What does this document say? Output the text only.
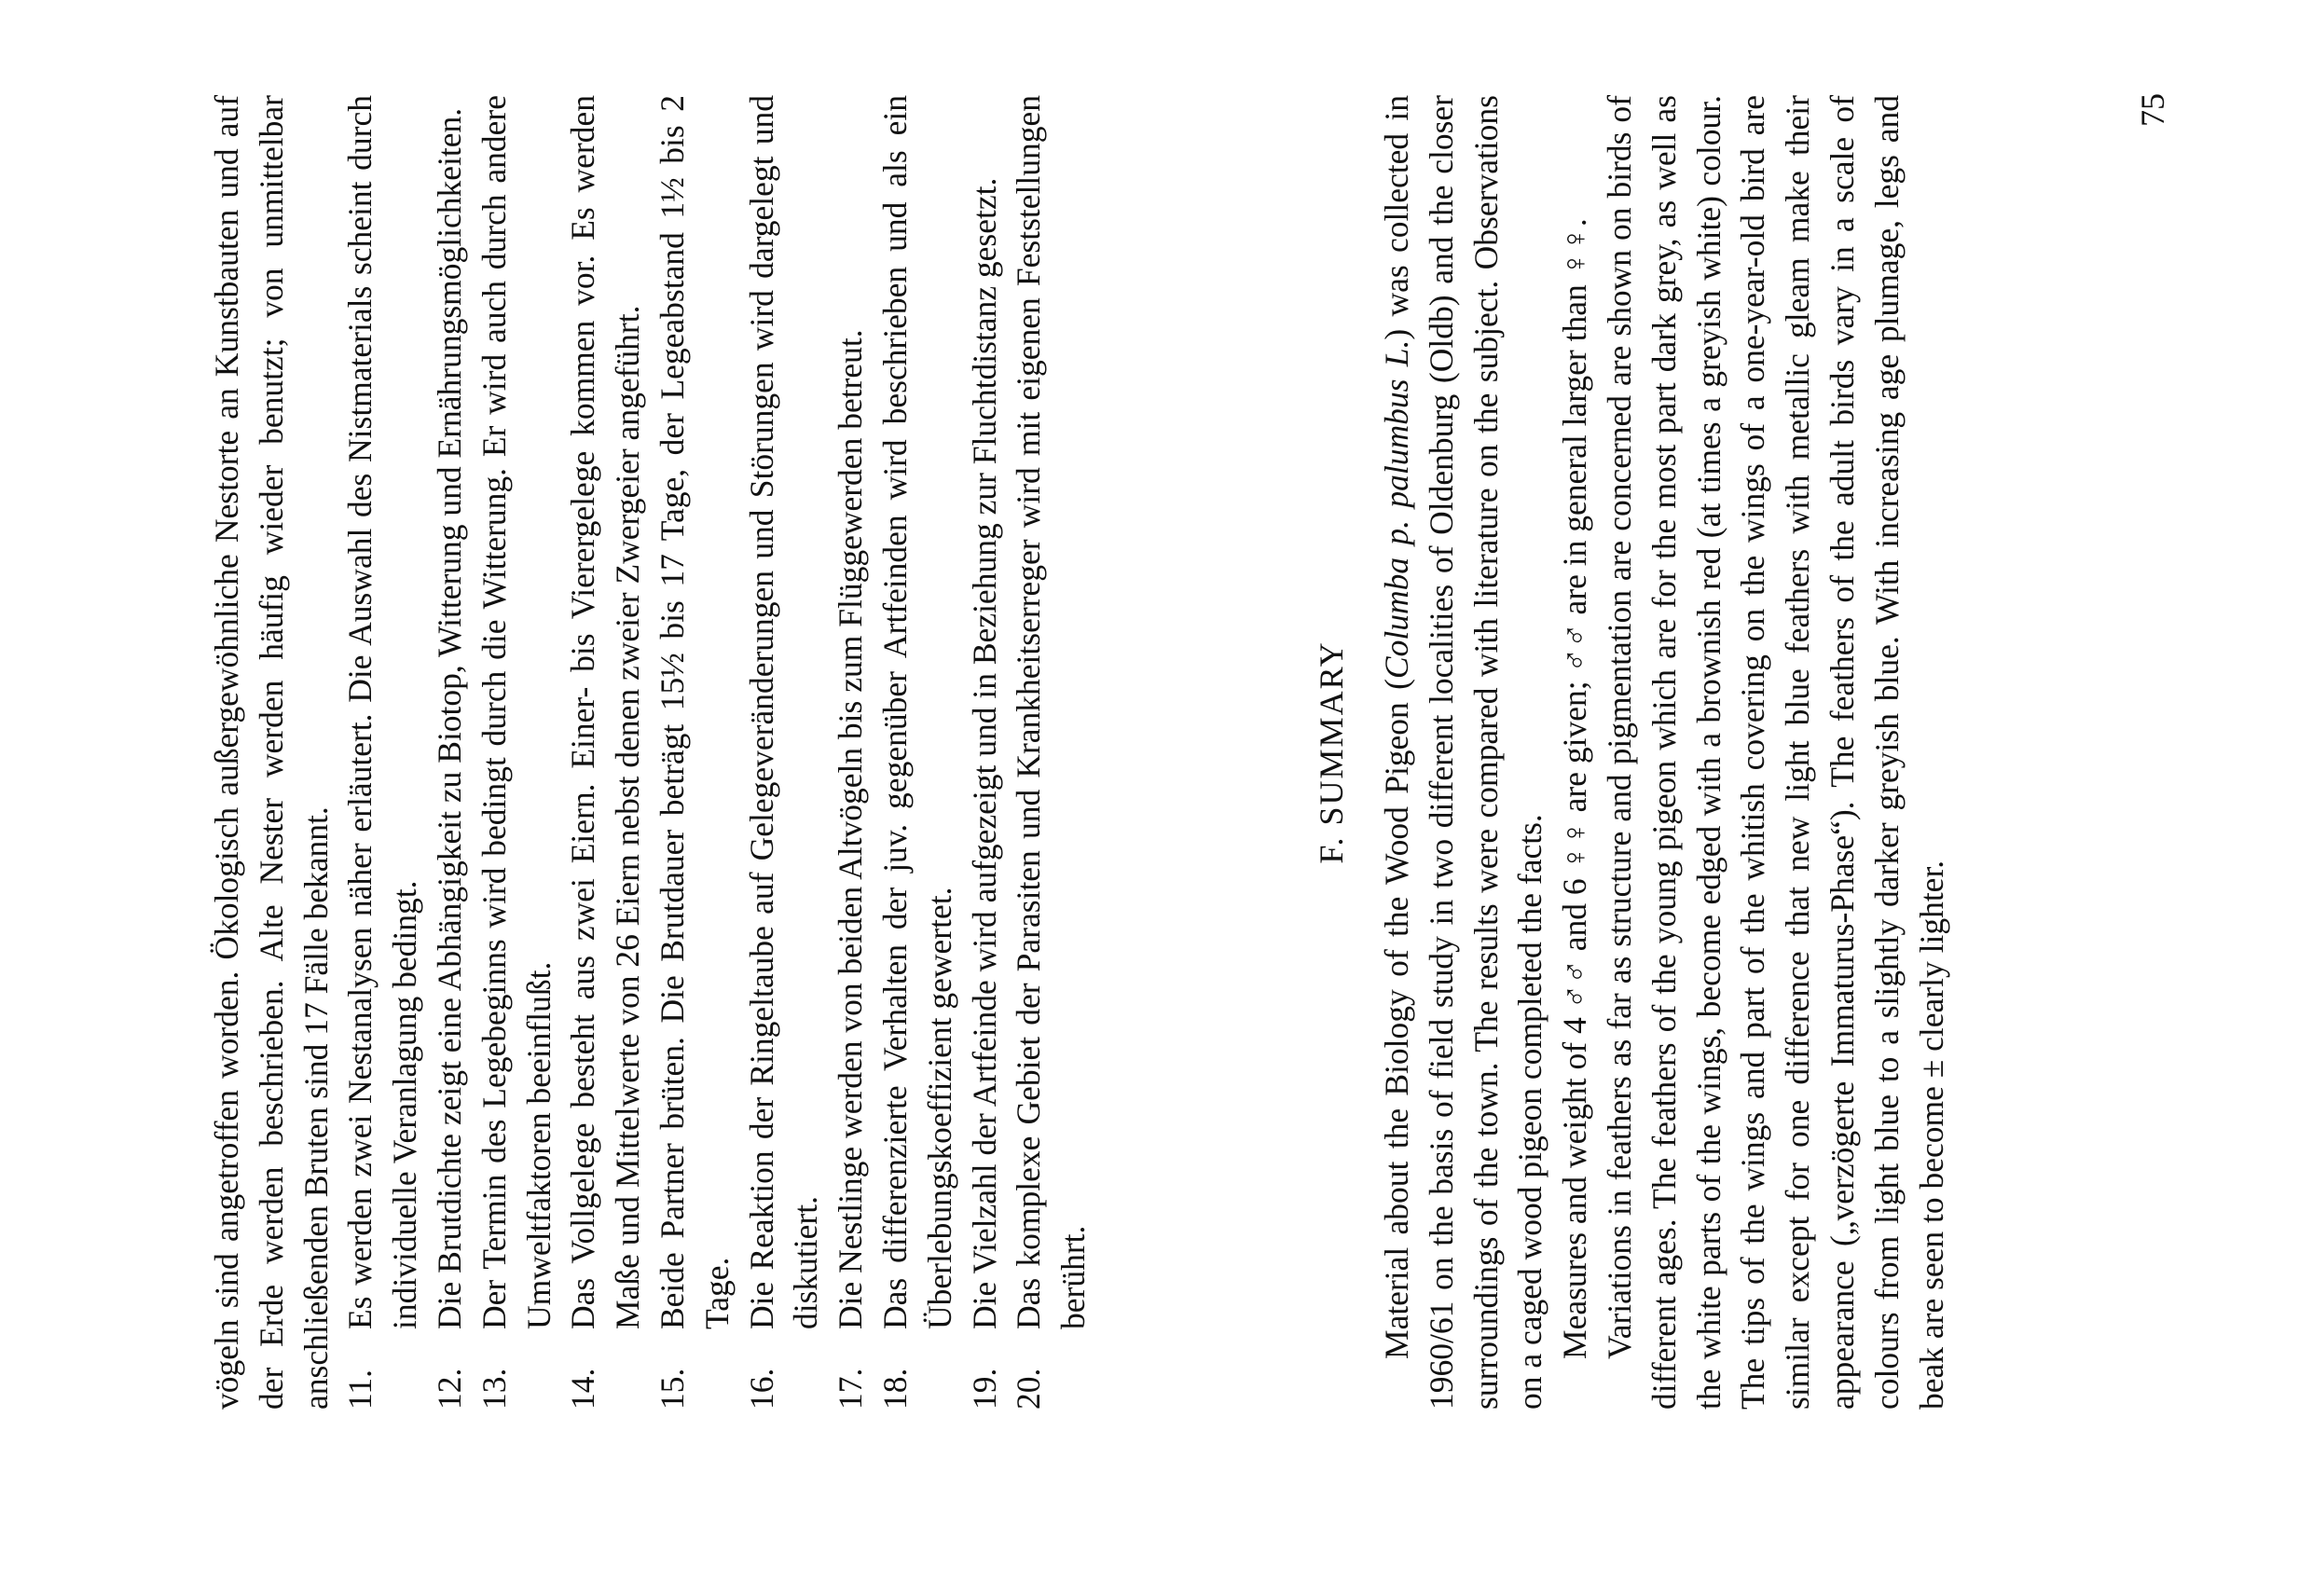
vögeln sind angetroffen worden. Ökologisch außergewöhnliche Nestorte an Kunstbauten und auf der Erde werden beschrieben. Alte Nester werden häufig wieder benutzt; von unmittelbar anschließenden Bruten sind 17 Fälle bekannt. 11.
Es werden zwei Nestanalysen näher erläutert. Die Auswahl des Nistmaterials scheint durch individuelle Veranlagung bedingt.
12.
Die Brutdichte zeigt eine Abhängigkeit zu Biotop, Witterung und Ernährungsmöglichkeiten.
13.
Der Termin des Legebeginns wird bedingt durch die Witterung. Er wird auch durch andere Umweltfaktoren beeinflußt.
14.
Das Vollgelege besteht aus zwei Eiern. Einer- bis Vierergelege kommen vor. Es werden Maße und Mittelwerte von 26 Eiern nebst denen zweier Zwergeier angeführt.
15.
Beide Partner brüten. Die Brutdauer beträgt 15½ bis 17 Tage, der Legeabstand 1½ bis 2 Tage.
16.
Die Reaktion der Ringeltaube auf Gelegeveränderungen und Störungen wird dargelegt und diskutiert.
17.
Die Nestlinge werden von beiden Altvögeln bis zum Flüggewerden betreut.
18.
Das differenzierte Verhalten der juv. gegenüber Artfeinden wird beschrieben und als ein Überlebungskoeffizient gewertet.
19.
Die Vielzahl der Artfeinde wird aufgezeigt und in Beziehung zur Fluchtdistanz gesetzt.
20.
Das komplexe Gebiet der Parasiten und Krankheitserreger wird mit eigenen Feststellungen berührt.
F. SUMMARY Material about the Biology of the Wood Pigeon (Columba p. palumbus L.) was collected in 1960/61 on the basis of field study in two different localities of Oldenburg (Oldb) and the closer surroundings of the town. The results were compared with literature on the subject. Observations on a caged wood pigeon completed the facts. Measures and weight of 4 ♂♂ and 6 ♀♀ are given; ♂♂ are in general larger than ♀♀. Variations in feathers as far as structure and pigmentation are concerned are shown on birds of different ages. The feathers of the young pigeon which are for the most part dark grey, as well as the white parts of the wings, become edged with a brownish red (at times a greyish white) colour. The tips of the wings and part of the whitish covering on the wings of a one-year-old bird are similar except for one difference that new light blue feathers with metallic gleam make their appearance („verzögerte Immaturus-Phase“). The feathers of the adult birds vary in a scale of colours from light blue to a slightly darker greyish blue. With increasing age plumage, legs and beak are seen to become ± clearly lighter.

75
